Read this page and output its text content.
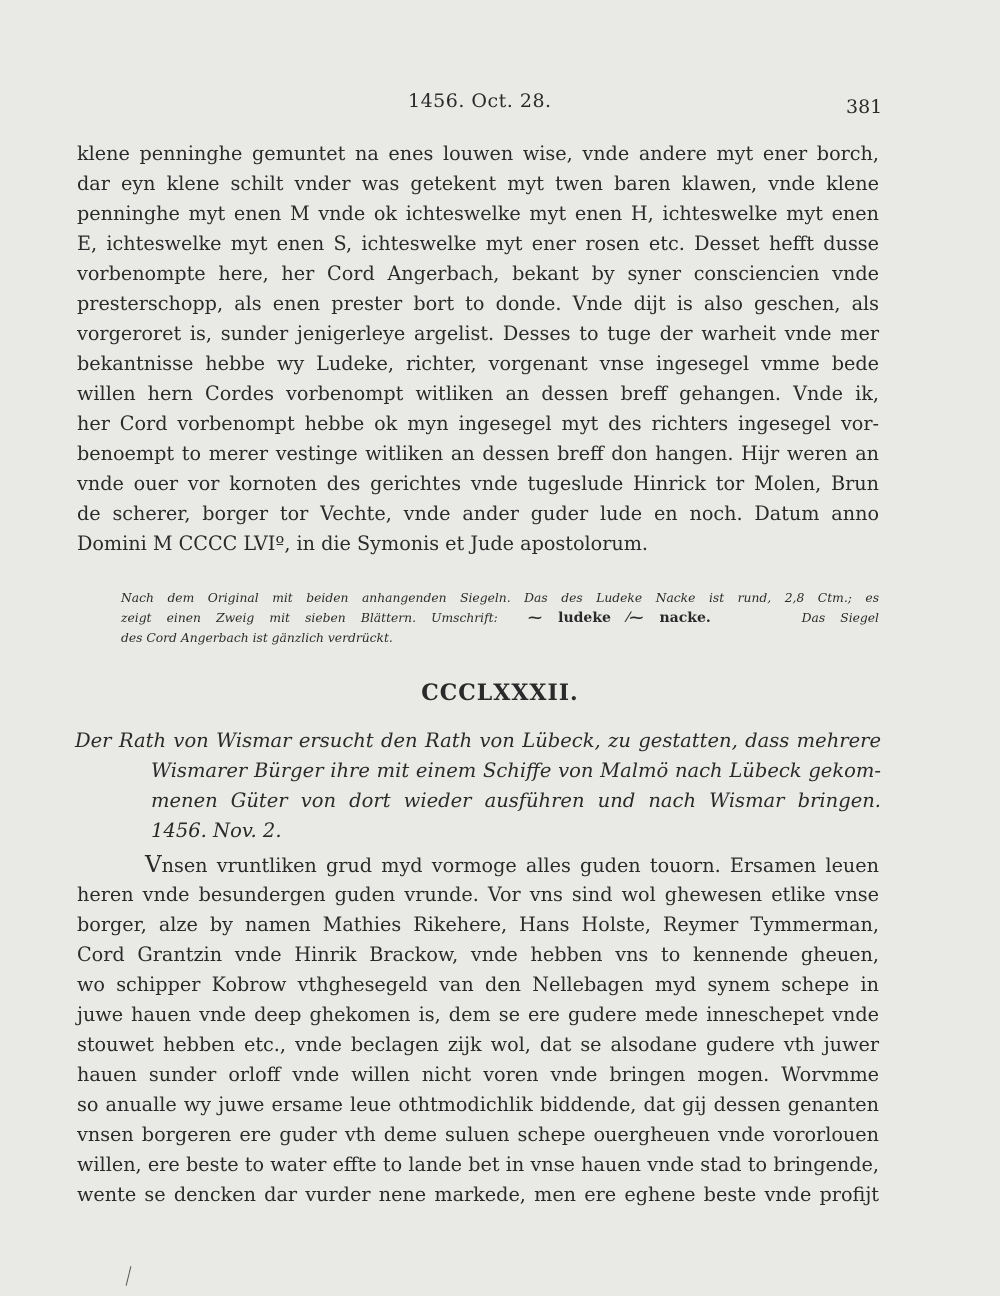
1456. Oct. 28.	381
klene penninghe gemuntet na enes louwen wise, vnde andere myt ener borch,
dar eyn klene schilt vnder was getekent myt twen baren klawen, vnde klene
penninghe myt enen M vnde ok ichteswelke myt enen H, ichteswelke myt enen
E, ichteswelke myt enen S, ichteswelke myt ener rosen etc. Desset hefft dusse
vorbenompte here, her Cord Angerbach, bekant by syner consciencien vnde
presterschopp, als enen prester bort to donde. Vnde dijt is also geschen, als
vorgeroret is, sunder jenigerleye argelist. Desses to tuge der warheit vnde mer
bekantnisse hebbe wy Ludeke, richter, vorgenant vnse ingesegel vmme bede
willen hern Cordes vorbenompt witliken an dessen breff gehangen. Vnde ik,
her Cord vorbenompt hebbe ok myn ingesegel myt des richters ingesegel vor-
benoempt to merer vestinge witliken an dessen breff don hangen. Hijr weren an
vnde ouer vor kornoten des gerichtes vnde tugeslude Hinrick tor Molen, Brun
de scherer, borger tor Vechte, vnde ander guder lude en noch. Datum anno
Domini M CCCC LVIº, in die Symonis et Jude apostolorum.
Nach dem Original mit beiden anhangenden Siegeln. Das des Ludeke Nacke ist rund, 2,8 Ctm.; es
zeigt einen Zweig mit sieben Blättern. Umschrift: ⁓ ludeke ⁄⁓ nacke.	Das Siegel
des Cord Angerbach ist gänzlich verdrückt.
CCCLXXXII.
Der Rath von Wismar ersucht den Rath von Lübeck, zu gestatten, dass mehrere
Wismarer Bürger ihre mit einem Schiffe von Malmö nach Lübeck gekom-
menen Güter von dort wieder ausführen und nach Wismar bringen.
1456. Nov. 2.
Vnsen vruntliken grud myd vormoge alles guden touorn. Ersamen leuen
heren vnde besundergen guden vrunde. Vor vns sind wol ghewesen etlike vnse
borger, alze by namen Mathies Rikehere, Hans Holste, Reymer Tymmerman,
Cord Grantzin vnde Hinrik Brackow, vnde hebben vns to kennende gheuen,
wo schipper Kobrow vthghesegeld van den Nellebagen myd synem schepe in
juwe hauen vnde deep ghekomen is, dem se ere gudere mede inneschepet vnde
stouwet hebben etc., vnde beclagen zijk wol, dat se alsodane gudere vth juwer
hauen sunder orloff vnde willen nicht voren vnde bringen mogen. Worvmme
so anualle wy juwe ersame leue othtmodichlik biddende, dat gij dessen genanten
vnsen borgeren ere guder vth deme suluen schepe ouergheuen vnde vororlouen
willen, ere beste to water effte to lande bet in vnse hauen vnde stad to bringende,
wente se dencken dar vurder nene markede, men ere eghene beste vnde profijt
